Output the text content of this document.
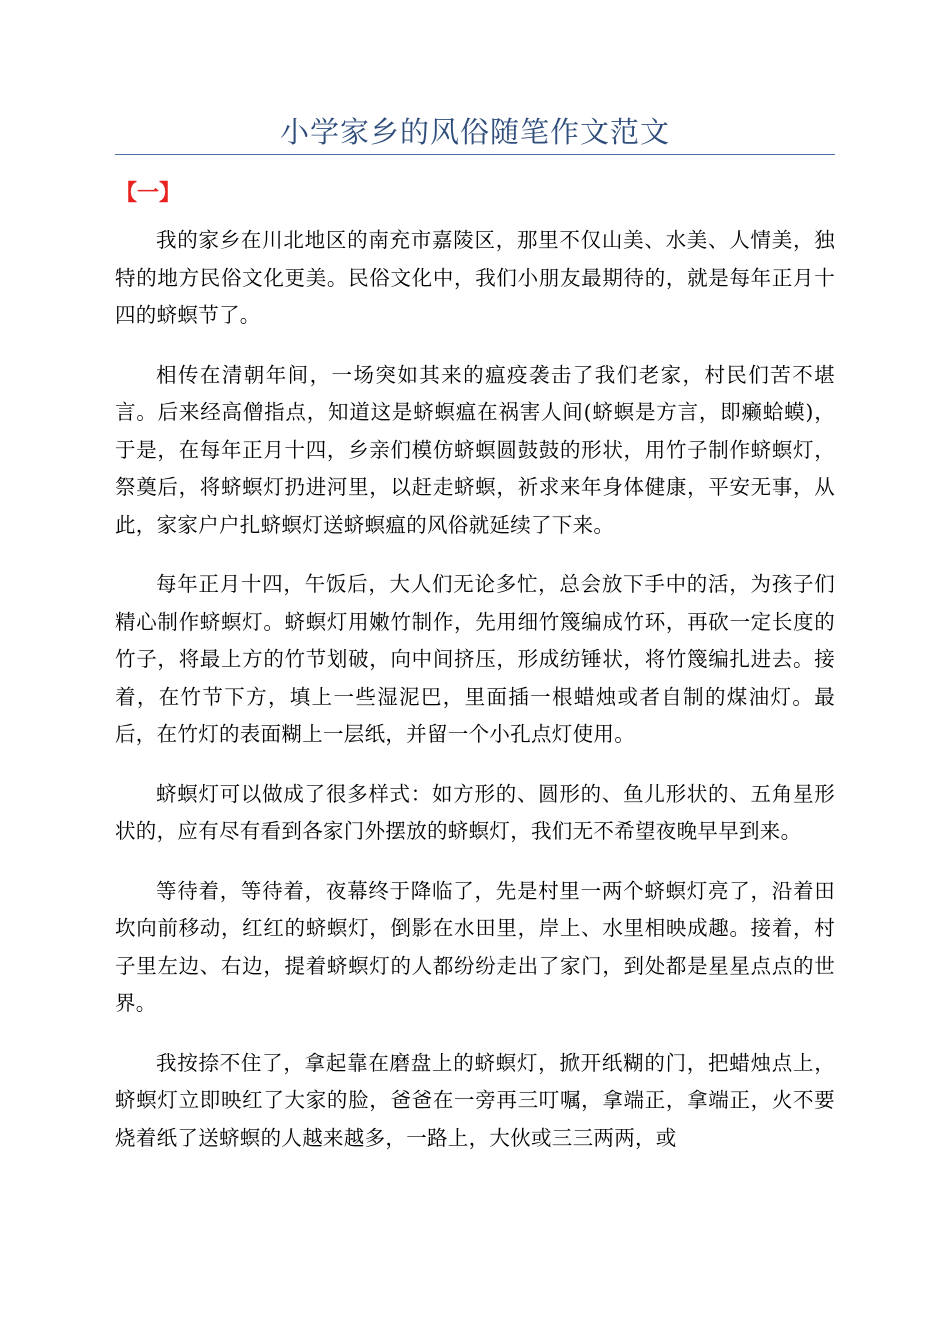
小学家乡的风俗随笔作文范文
【一】

我的家乡在川北地区的南充市嘉陵区，那里不仅山美、水美、人情美，独特的地方民俗文化更美。民俗文化中，我们小朋友最期待的，就是每年正月十四的蛴螟节了。

相传在清朝年间，一场突如其来的瘟疫袭击了我们老家，村民们苦不堪言。后来经高僧指点，知道这是蛴螟瘟在祸害人间(蛴螟是方言，即癞蛤蟆)，于是，在每年正月十四，乡亲们模仿蛴螟圆鼓鼓的形状，用竹子制作蛴螟灯，祭奠后，将蛴螟灯扔进河里，以赶走蛴螟，祈求来年身体健康，平安无事，从此，家家户户扎蛴螟灯送蛴螟瘟的风俗就延续了下来。

每年正月十四，午饭后，大人们无论多忙，总会放下手中的活，为孩子们精心制作蛴螟灯。蛴螟灯用嫩竹制作，先用细竹篾编成竹环，再砍一定长度的竹子，将最上方的竹节划破，向中间挤压，形成纺锤状，将竹篾编扎进去。接着，在竹节下方，填上一些湿泥巴，里面插一根蜡烛或者自制的煤油灯。最后，在竹灯的表面糊上一层纸，并留一个小孔点灯使用。

蛴螟灯可以做成了很多样式：如方形的、圆形的、鱼儿形状的、五角星形状的，应有尽有看到各家门外摆放的蛴螟灯，我们无不希望夜晚早早到来。

等待着，等待着，夜幕终于降临了，先是村里一两个蛴螟灯亮了，沿着田坎向前移动，红红的蛴螟灯，倒影在水田里，岸上、水里相映成趣。接着，村子里左边、右边，提着蛴螟灯的人都纷纷走出了家门，到处都是星星点点的世界。

我按捺不住了，拿起靠在磨盘上的蛴螟灯，掀开纸糊的门，把蜡烛点上，蛴螟灯立即映红了大家的脸，爸爸在一旁再三叮嘱，拿端正，拿端正，火不要烧着纸了送蛴螟的人越来越多，一路上，大伙或三三两两，或
